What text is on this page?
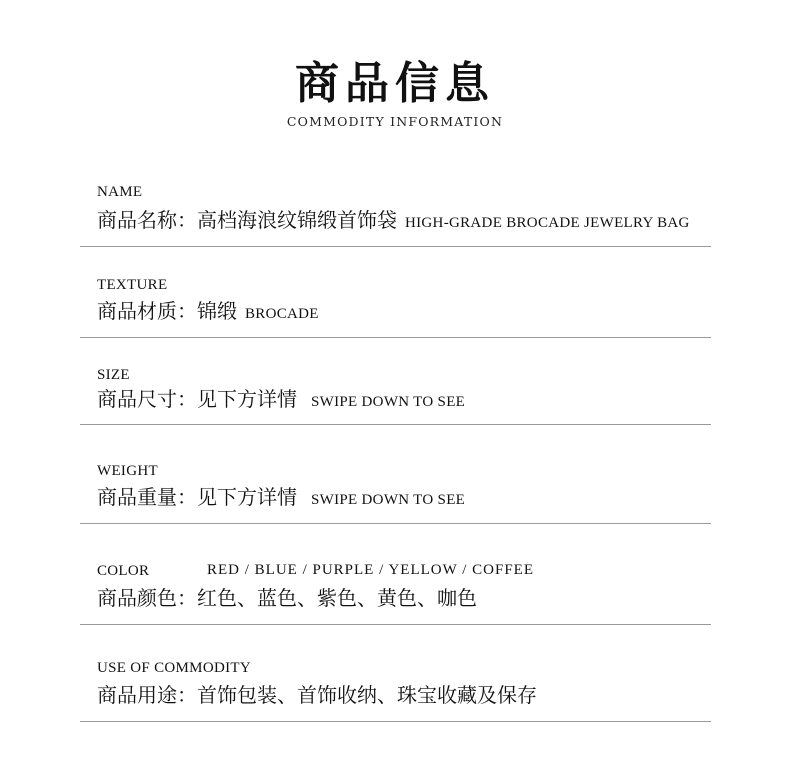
商品信息
COMMODITY INFORMATION
NAME
商品名称：高档海浪纹锦缎首饰袋 HIGH-GRADE BROCADE JEWELRY BAG
TEXTURE
商品材质：锦缎 BROCADE
SIZE
商品尺寸：见下方详情 SWIPE DOWN TO SEE
WEIGHT
商品重量：见下方详情 SWIPE DOWN TO SEE
COLOR	RED / BLUE / PURPLE / YELLOW / COFFEE
商品颜色：红色、蓝色、紫色、黄色、咖色
USE OF COMMODITY
商品用途：首饰包装、首饰收纳、珠宝收藏及保存
